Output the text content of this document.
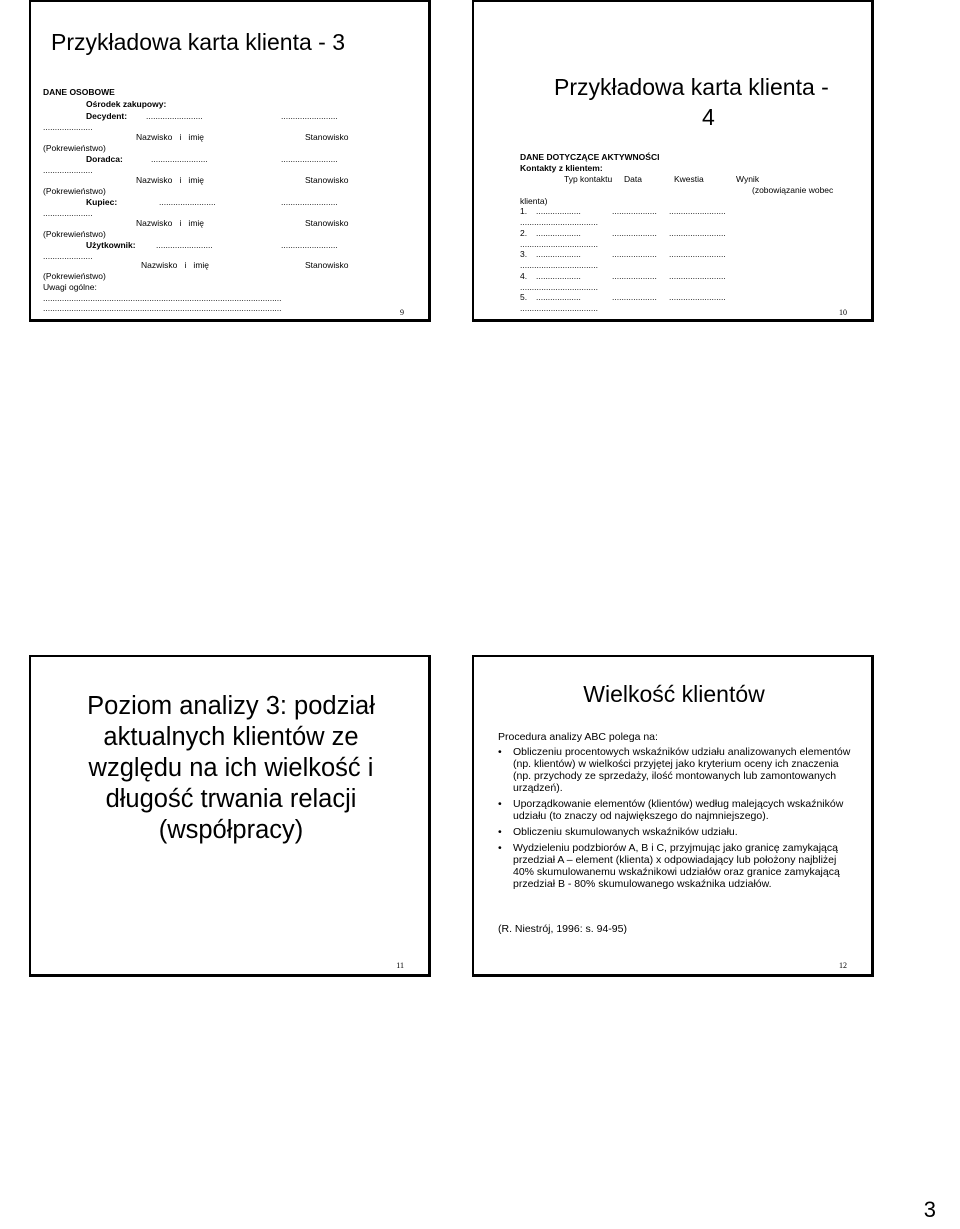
Przykładowa karta klienta - 3
DANE OSOBOWE
Ośrodek zakupowy:
Decydent: ........................	........................
.....................
Nazwisko   i   imię	Stanowisko
(Pokrewieństwo)
Doradca:	........................	........................
.....................
Nazwisko   i   imię	Stanowisko
(Pokrewieństwo)
Kupiec:	........................	........................
.....................
Nazwisko   i   imię	Stanowisko
(Pokrewieństwo)
Użytkownik: ........................	........................
.....................
Nazwisko   i   imię	Stanowisko
(Pokrewieństwo)
Uwagi ogólne:
.....................................................................................................
.....................................................................................................
...............................................................................
9
Przykładowa karta klienta -
4
DANE DOTYCZĄCE AKTYWNOŚCI
Kontakty z klientem:
Typ kontaktu Data	Kwestia	Wynik
(zobowiązanie wobec
klienta)
1. ...................	................... ........................
.................................
2. ...................	................... ........................
.................................
3. ...................	................... ........................
.................................
4. ...................	................... ........................
.................................
5. ...................	................... ........................
.................................	10
Poziom analizy 3: podział
aktualnych klientów ze
względu na ich wielkość i
długość trwania relacji
(współpracy)
11
Wielkość klientów
Procedura analizy ABC polega na:
• Obliczeniu procentowych wskaźników udziału analizowanych elementów (np. klientów) w wielkości przyjętej jako kryterium oceny ich znaczenia (np. przychody ze sprzedaży, ilość montowanych lub zamontowanych urządzeń).
• Uporządkowanie elementów (klientów) według malejących wskaźników udziału (to znaczy od największego do najmniejszego).
• Obliczeniu skumulowanych wskaźników udziału.
• Wydzieleniu podzbiorów A, B i C, przyjmując jako granicę zamykającą przedział A – element (klienta) x odpowiadający lub położony najbliżej 40% skumulowanemu wskaźnikowi udziałów oraz granice zamykającą przedział B - 80% skumulowanego wskaźnika udziałów.
(R. Niestrój, 1996: s. 94-95)
12
3
